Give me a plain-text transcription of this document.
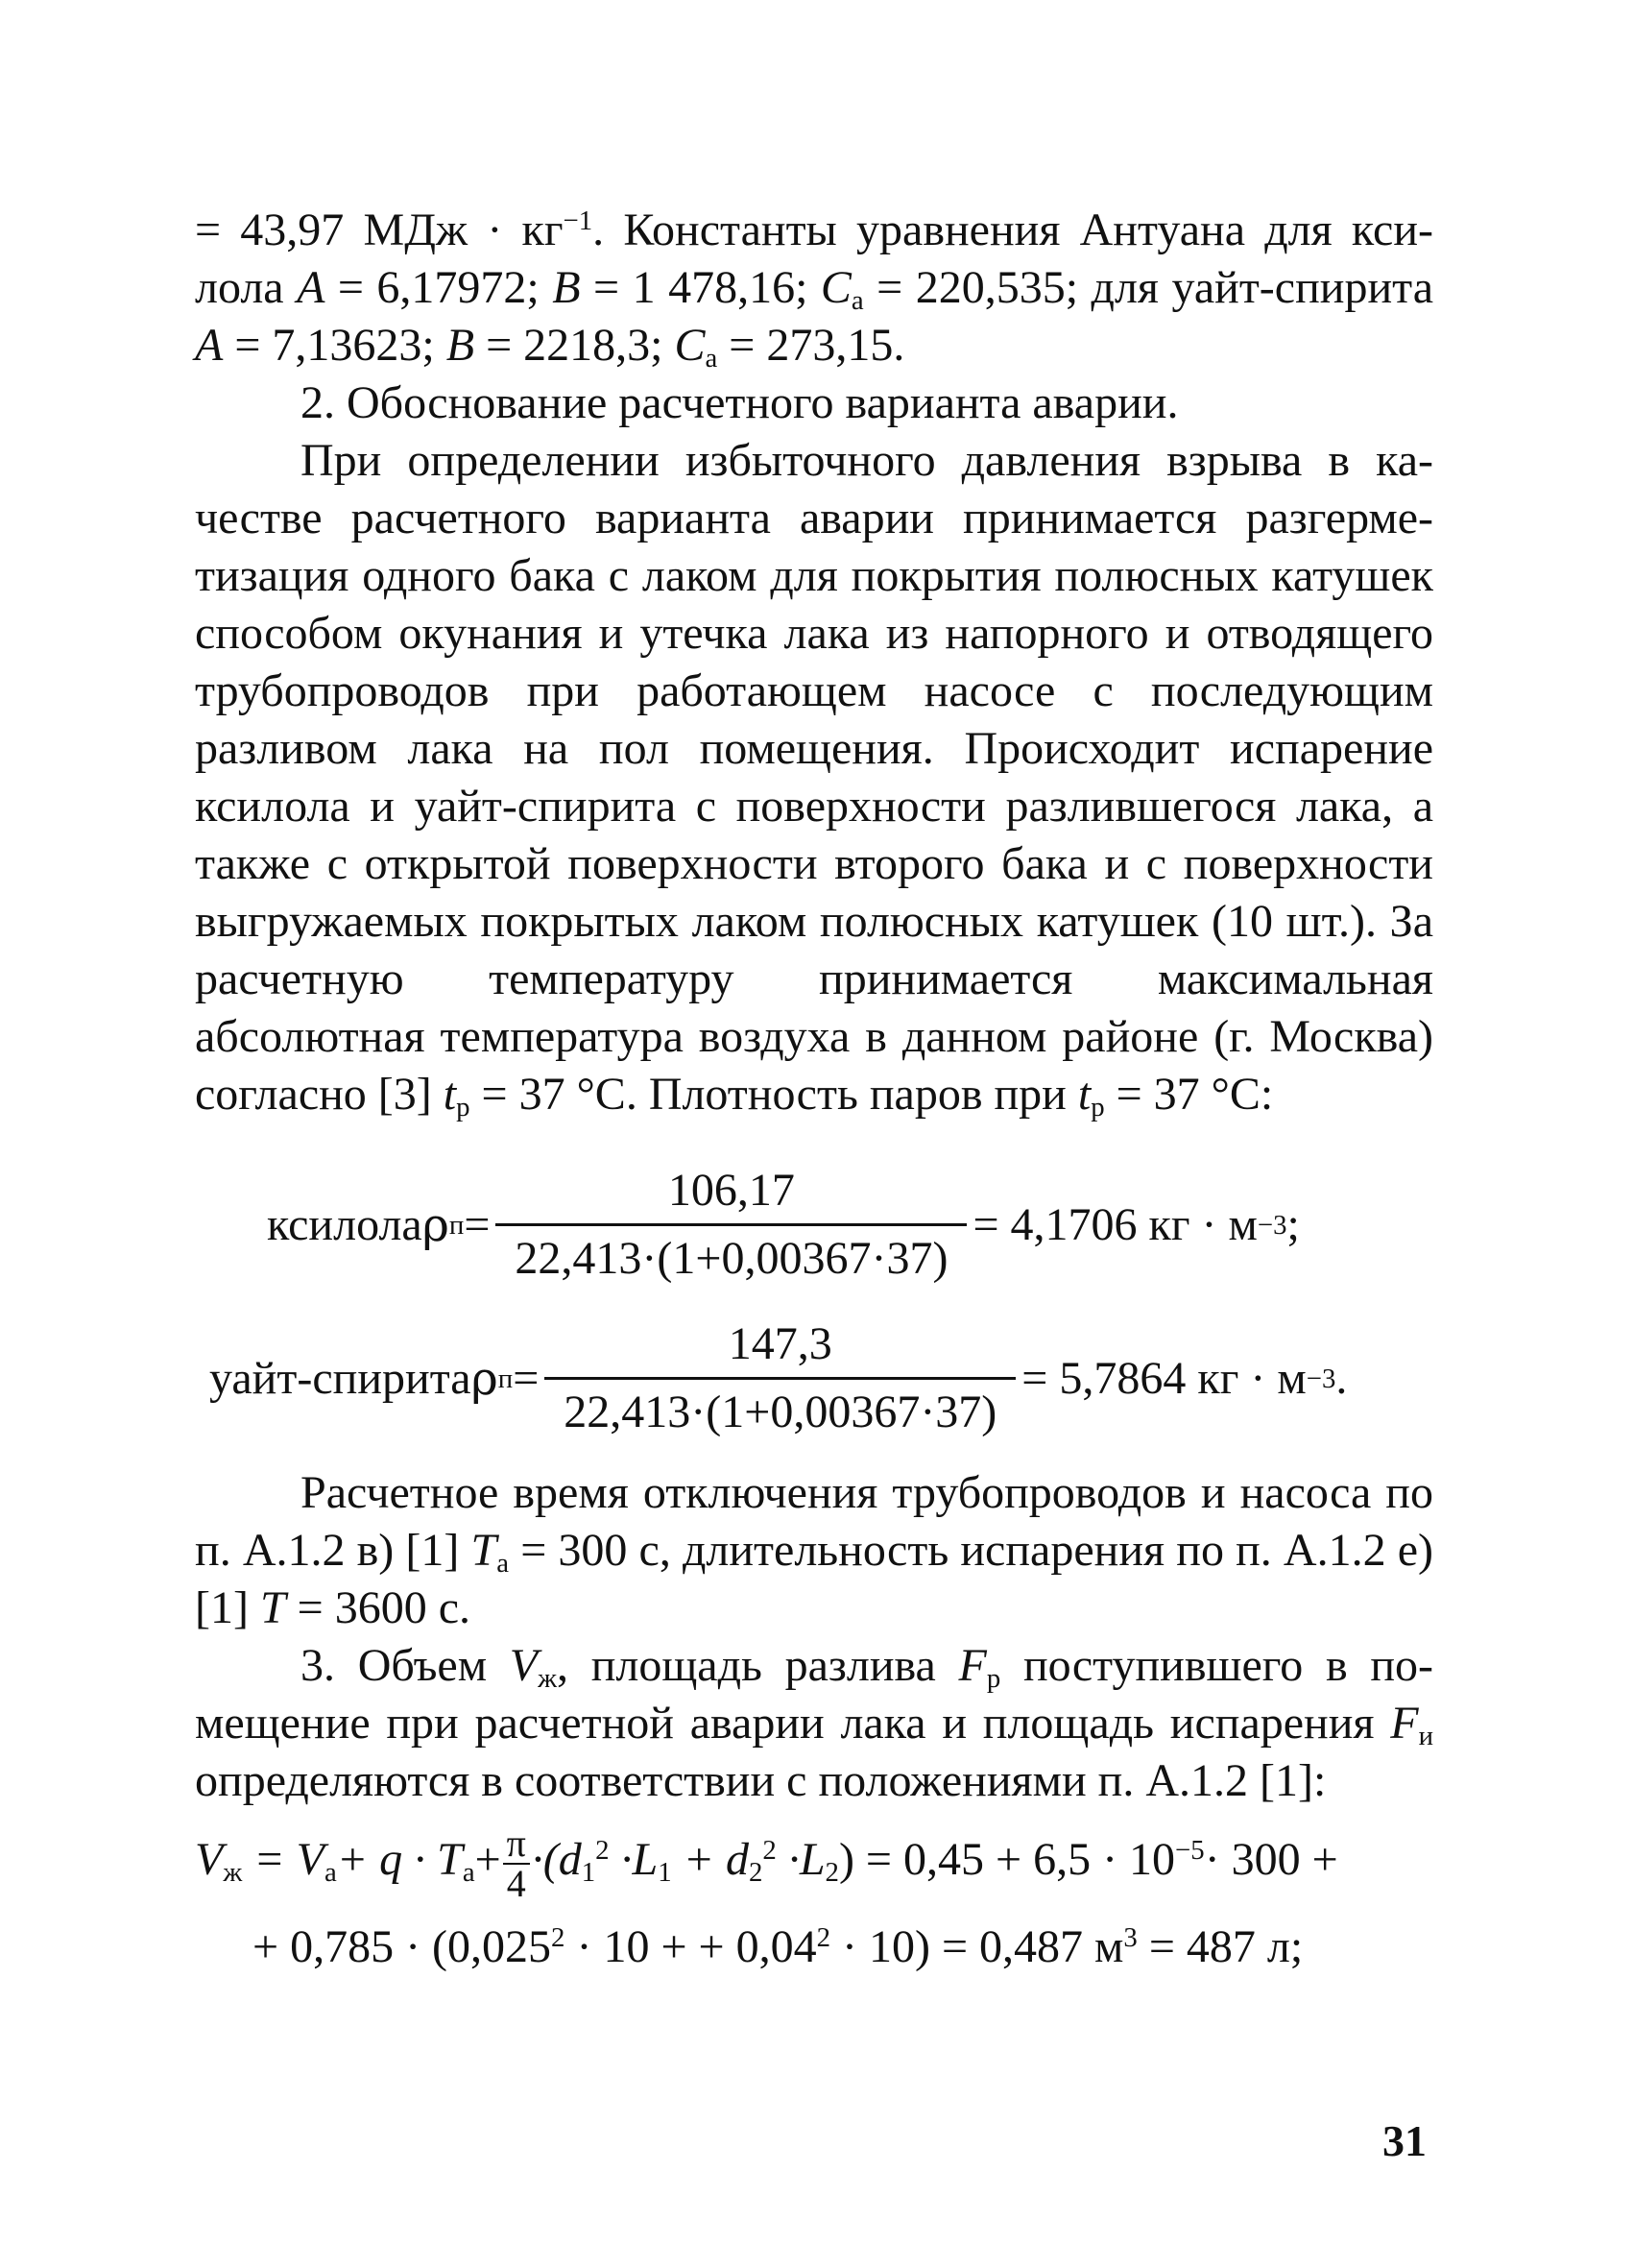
= 43,97 МДж · $кг^{-1}$. Константы уравнения Антуана для ксилола A = 6,17972; B = 1 478,16; $C_а = 220,535$; для уайт-спирита A = 7,13623; B = 2218,3; $C_а = 273,15$.

2. Обоснование расчетного варианта аварии.

При определении избыточного давления взрыва в качестве расчетного варианта аварии принимается разгерметизация одного бака с лаком для покрытия полюсных катушек способом окунания и утечка лака из напорного и отводящего трубопроводов при работающем насосе с последующим разливом лака на пол помещения. Происходит испарение ксилола и уайт-спирита с поверхности разлившегося лака, а также с открытой поверхности второго бака и с поверхности выгружаемых покрытых лаком полюсных катушек (10 шт.). За расчетную температуру принимается максимальная абсолютная температура воздуха в данном районе (г. Москва) согласно [3] $t_р = 37$ °С. Плотность паров при $t_р = 37$ °С:

ксилола ρ $п = \frac{106,17}{22,413\cdot(1+0,00367\cdot 37)} = 4,1706$ кг · м −3 ;
уайт-спирита ρ $п = \frac{147,3}{22,413\cdot(1+0,00367\cdot 37)} = 5,7864$ кг · м −3 .

Расчетное время отключения трубопроводов и насоса по п. А.1.2 в) [1] $T_а = 300$ с, длительность испарения по п. А.1.2 е) [1] T = 3600 с.

3. Объем $V_ж$, площадь разлива $F_р$ поступившего в помещение при расчетной аварии лака и площадь испарения $F_и$ определяются в соответствии с положениями п. А.1.2 [1]:

$V_ж = V_а+ q \cdot T_а+ \frac{\pi}{4} \cdot(d_1^2 \cdot L_1 + d_2^2 \cdot L_2) = 0,45 + 6,5 \cdot 10^{-5}\cdot 300$ +
+ $0,785 \cdot (0,025^2 \cdot 10$ + + $0,04^2 \cdot 10) = 0,487$ $м^3 = 487$ л;
31
